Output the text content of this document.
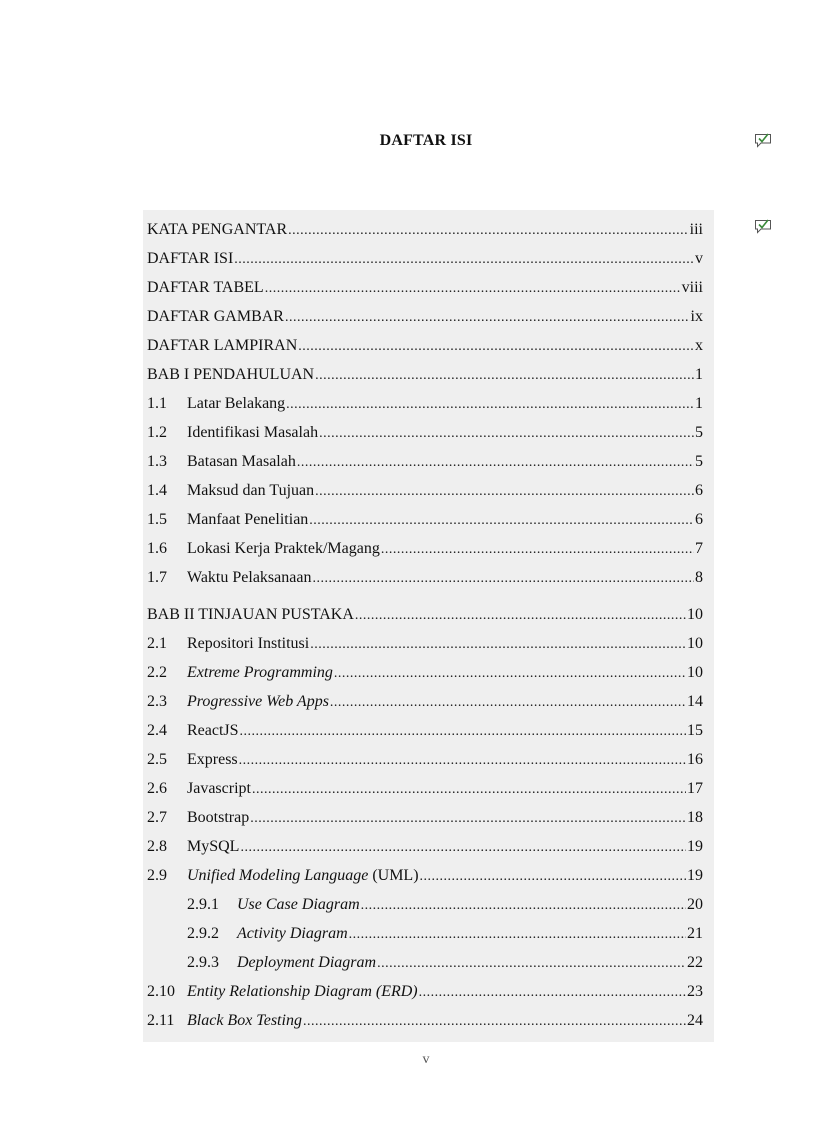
DAFTAR ISI
KATA PENGANTAR .....	iii
DAFTAR ISI .....	v
DAFTAR TABEL .....	viii
DAFTAR GAMBAR .....	ix
DAFTAR LAMPIRAN .....	x
BAB I PENDAHULUAN .....	1
1.1	Latar Belakang .....	1
1.2	Identifikasi Masalah .....	5
1.3	Batasan Masalah .....	5
1.4	Maksud dan Tujuan .....	6
1.5	Manfaat Penelitian .....	6
1.6	Lokasi Kerja Praktek/Magang .....	7
1.7	Waktu Pelaksanaan .....	8
BAB II TINJAUAN PUSTAKA .....	10
2.1	Repositori Institusi .....	10
2.2	Extreme Programming .....	10
2.3	Progressive Web Apps .....	14
2.4	ReactJS .....	15
2.5	Express .....	16
2.6	Javascript .....	17
2.7	Bootstrap .....	18
2.8	MySQL .....	19
2.9	Unified Modeling Language (UML) .....	19
2.9.1	Use Case Diagram .....	20
2.9.2	Activity Diagram .....	21
2.9.3	Deployment Diagram .....	22
2.10 Entity Relationship Diagram (ERD) .....	23
2.11 Black Box Testing .....	24
v
